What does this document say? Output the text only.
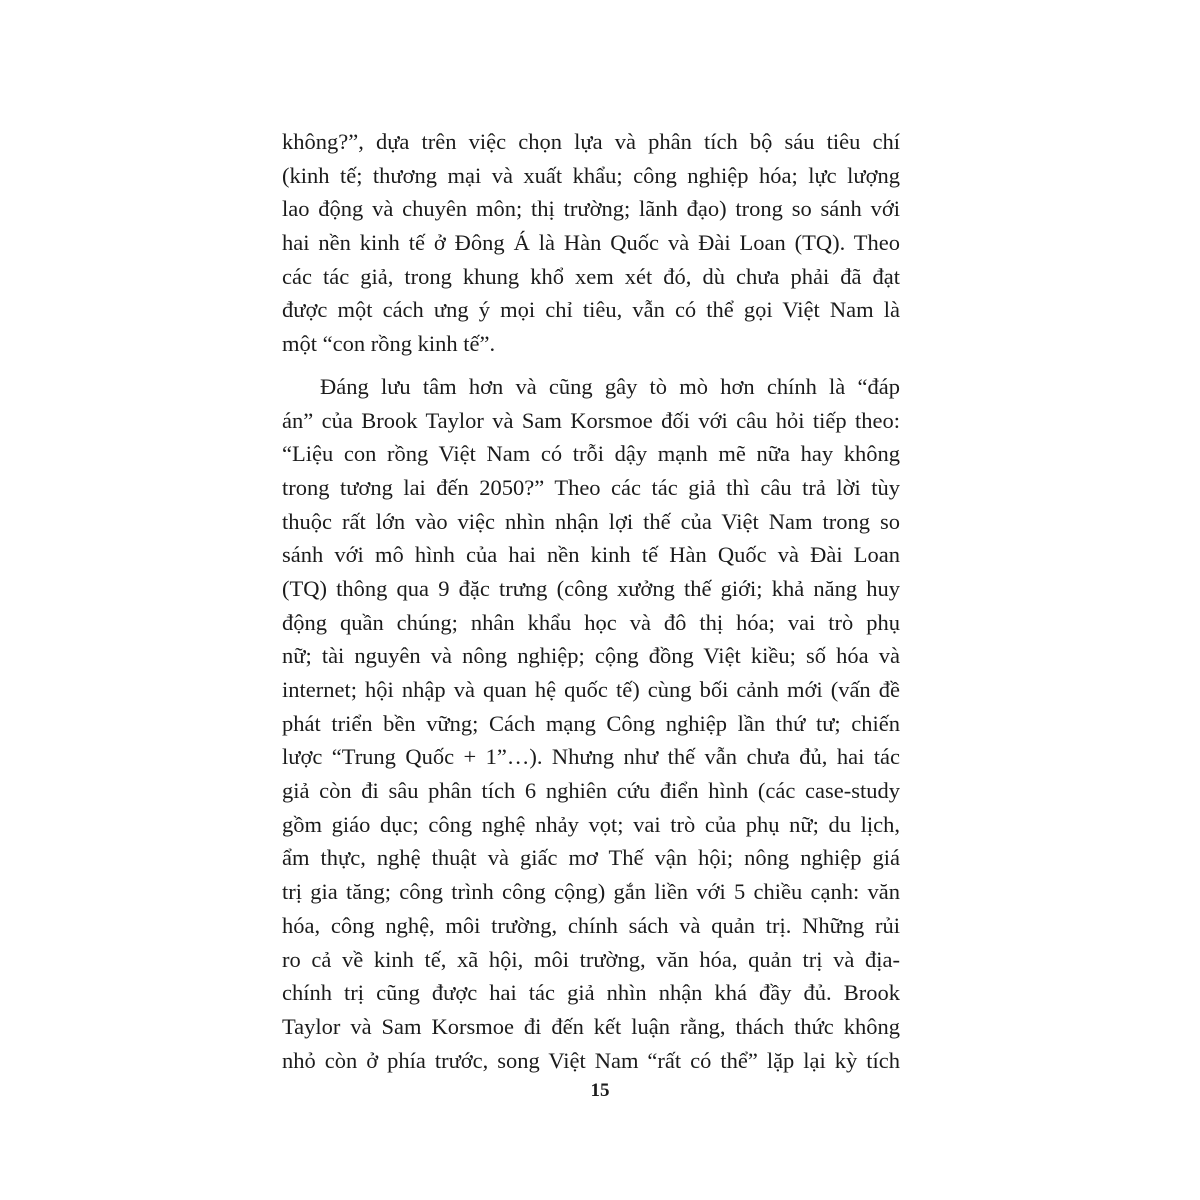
không?”, dựa trên việc chọn lựa và phân tích bộ sáu tiêu chí
(kinh tế; thương mại và xuất khẩu; công nghiệp hóa; lực lượng
lao động và chuyên môn; thị trường; lãnh đạo) trong so sánh với
hai nền kinh tế ở Đông Á là Hàn Quốc và Đài Loan (TQ). Theo
các tác giả, trong khung khổ xem xét đó, dù chưa phải đã đạt
được một cách ưng ý mọi chỉ tiêu, vẫn có thể gọi Việt Nam là
một “con rồng kinh tế”.
Đáng lưu tâm hơn và cũng gây tò mò hơn chính là “đáp
án” của Brook Taylor và Sam Korsmoe đối với câu hỏi tiếp theo:
“Liệu con rồng Việt Nam có trỗi dậy mạnh mẽ nữa hay không
trong tương lai đến 2050?” Theo các tác giả thì câu trả lời tùy
thuộc rất lớn vào việc nhìn nhận lợi thế của Việt Nam trong so
sánh với mô hình của hai nền kinh tế Hàn Quốc và Đài Loan
(TQ) thông qua 9 đặc trưng (công xưởng thế giới; khả năng huy
động quần chúng; nhân khẩu học và đô thị hóa; vai trò phụ
nữ; tài nguyên và nông nghiệp; cộng đồng Việt kiều; số hóa và
internet; hội nhập và quan hệ quốc tế) cùng bối cảnh mới (vấn đề
phát triển bền vững; Cách mạng Công nghiệp lần thứ tư; chiến
lược “Trung Quốc + 1”…). Nhưng như thế vẫn chưa đủ, hai tác
giả còn đi sâu phân tích 6 nghiên cứu điển hình (các case-study
gồm giáo dục; công nghệ nhảy vọt; vai trò của phụ nữ; du lịch,
ẩm thực, nghệ thuật và giấc mơ Thế vận hội; nông nghiệp giá
trị gia tăng; công trình công cộng) gắn liền với 5 chiều cạnh: văn
hóa, công nghệ, môi trường, chính sách và quản trị. Những rủi
ro cả về kinh tế, xã hội, môi trường, văn hóa, quản trị và địa-
chính trị cũng được hai tác giả nhìn nhận khá đầy đủ. Brook
Taylor và Sam Korsmoe đi đến kết luận rằng, thách thức không
nhỏ còn ở phía trước, song Việt Nam “rất có thể” lặp lại kỳ tích
15
